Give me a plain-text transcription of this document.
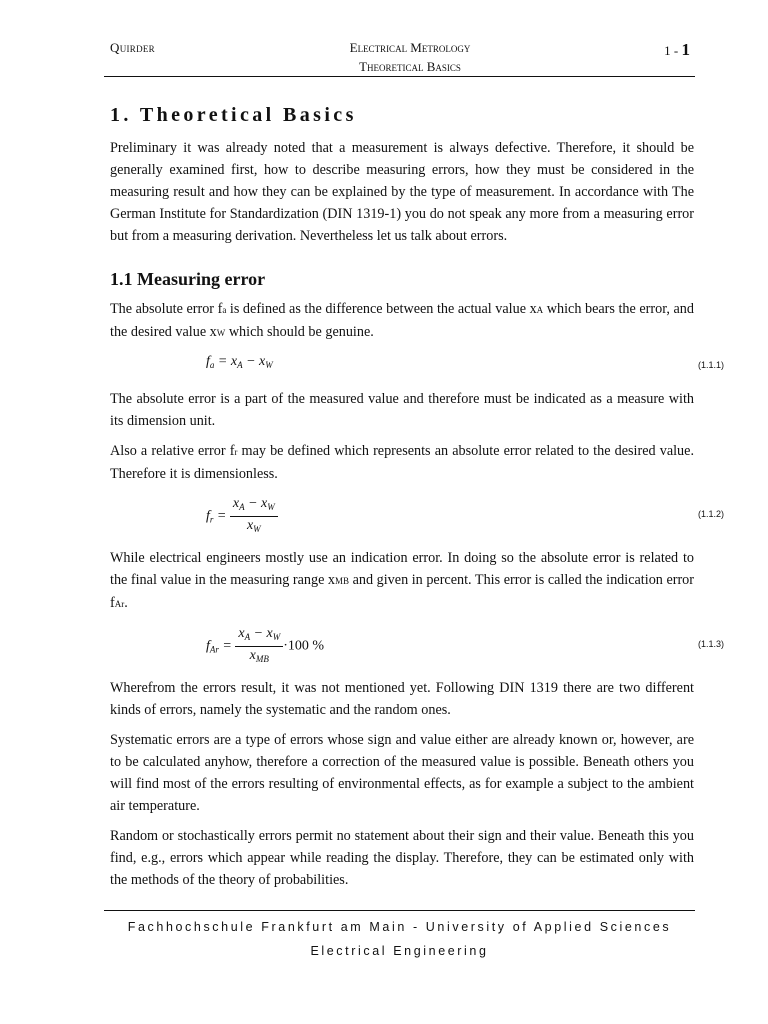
Quirder	Electrical Metrology
Theoretical Basics
1 - 1
1. Theoretical Basics

Preliminary it was already noted that a measurement is always defective. Therefore, it should be generally examined first, how to describe measuring errors, how they must be considered in the measuring result and how they can be explained by the type of measurement. In accordance with The German Institute for Standardization (DIN 1319-1) you do not speak any more from a measuring error but from a measuring derivation. Nevertheless let us talk about errors.

1.1 Measuring error

The absolute error fa is defined as the difference between the actual value xA which bears the error, and the desired value xW which should be genuine.

$f_a = x_A - x_W$	(1.1.1)

The absolute error is a part of the measured value and therefore must be indicated as a measure with its dimension unit.

Also a relative error fr may be defined which represents an absolute error related to the desired value. Therefore it is dimensionless.

$f_r = \frac{x_A - x_W}{x_W}$	(1.1.2)

While electrical engineers mostly use an indication error. In doing so the absolute error is related to the final value in the measuring range xMB and given in percent. This error is called the indication error fAr.

$f_{Ar} = \frac{x_A - x_W}{x_{MB}} \cdot 100$ %	(1.1.3)

Wherefrom the errors result, it was not mentioned yet. Following DIN 1319 there are two different kinds of errors, namely the systematic and the random ones.

Systematic errors are a type of errors whose sign and value either are already known or, however, are to be calculated anyhow, therefore a correction of the measured value is possible. Beneath others you will find most of the errors resulting of environmental effects, as for example a subject to the ambient air temperature.

Random or stochastically errors permit no statement about their sign and their value. Beneath this you find, e.g., errors which appear while reading the display. Therefore, they can be estimated only with the methods of the theory of probabilities.

Fachhochschule Frankfurt am Main - University of Applied Sciences
Electrical Engineering
